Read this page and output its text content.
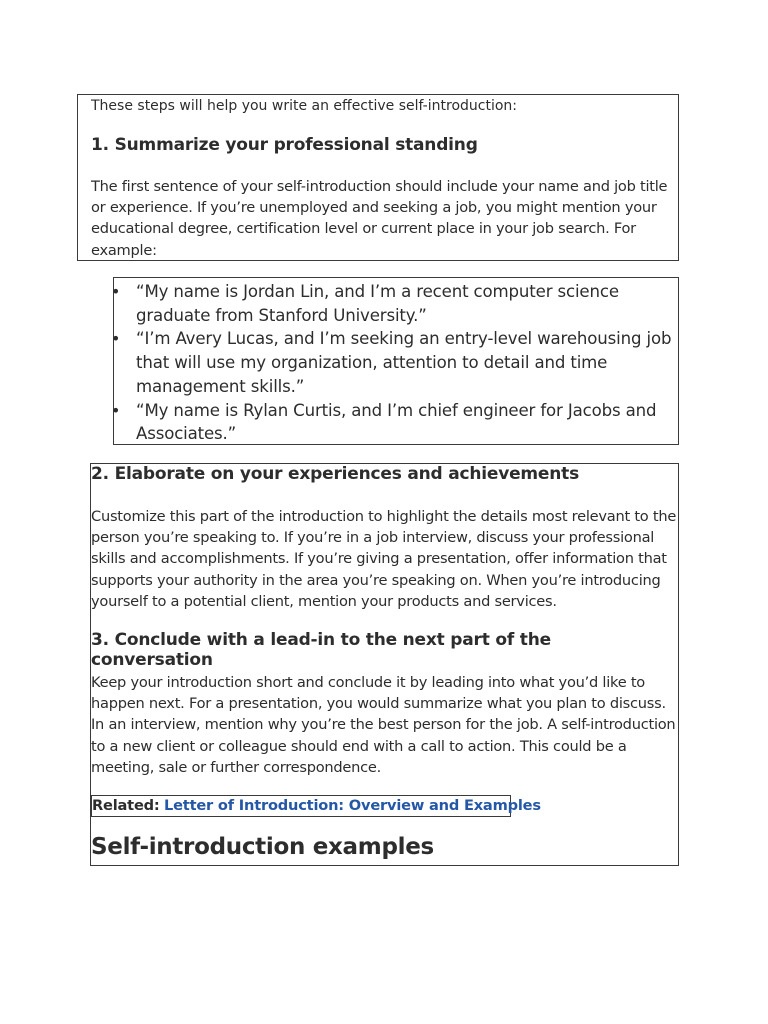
These steps will help you write an effective self-introduction:

1. Summarize your professional standing

The first sentence of your self-introduction should include your name and job title or experience. If you’re unemployed and seeking a job, you might mention your educational degree, certification level or current place in your job search. For example:

• “My name is Jordan Lin, and I’m a recent computer science graduate from Stanford University.”
• “I’m Avery Lucas, and I’m seeking an entry-level warehousing job that will use my organization, attention to detail and time management skills.”
• “My name is Rylan Curtis, and I’m chief engineer for Jacobs and Associates.”
2. Elaborate on your experiences and achievements

Customize this part of the introduction to highlight the details most relevant to the person you’re speaking to. If you’re in a job interview, discuss your professional skills and accomplishments. If you’re giving a presentation, offer information that supports your authority in the area you’re speaking on. When you’re introducing yourself to a potential client, mention your products and services.

3. Conclude with a lead-in to the next part of the conversation

Keep your introduction short and conclude it by leading into what you’d like to happen next. For a presentation, you would summarize what you plan to discuss. In an interview, mention why you’re the best person for the job. A self-introduction to a new client or colleague should end with a call to action. This could be a meeting, sale or further correspondence.

Related: Letter of Introduction: Overview and Examples
Self-introduction examples
